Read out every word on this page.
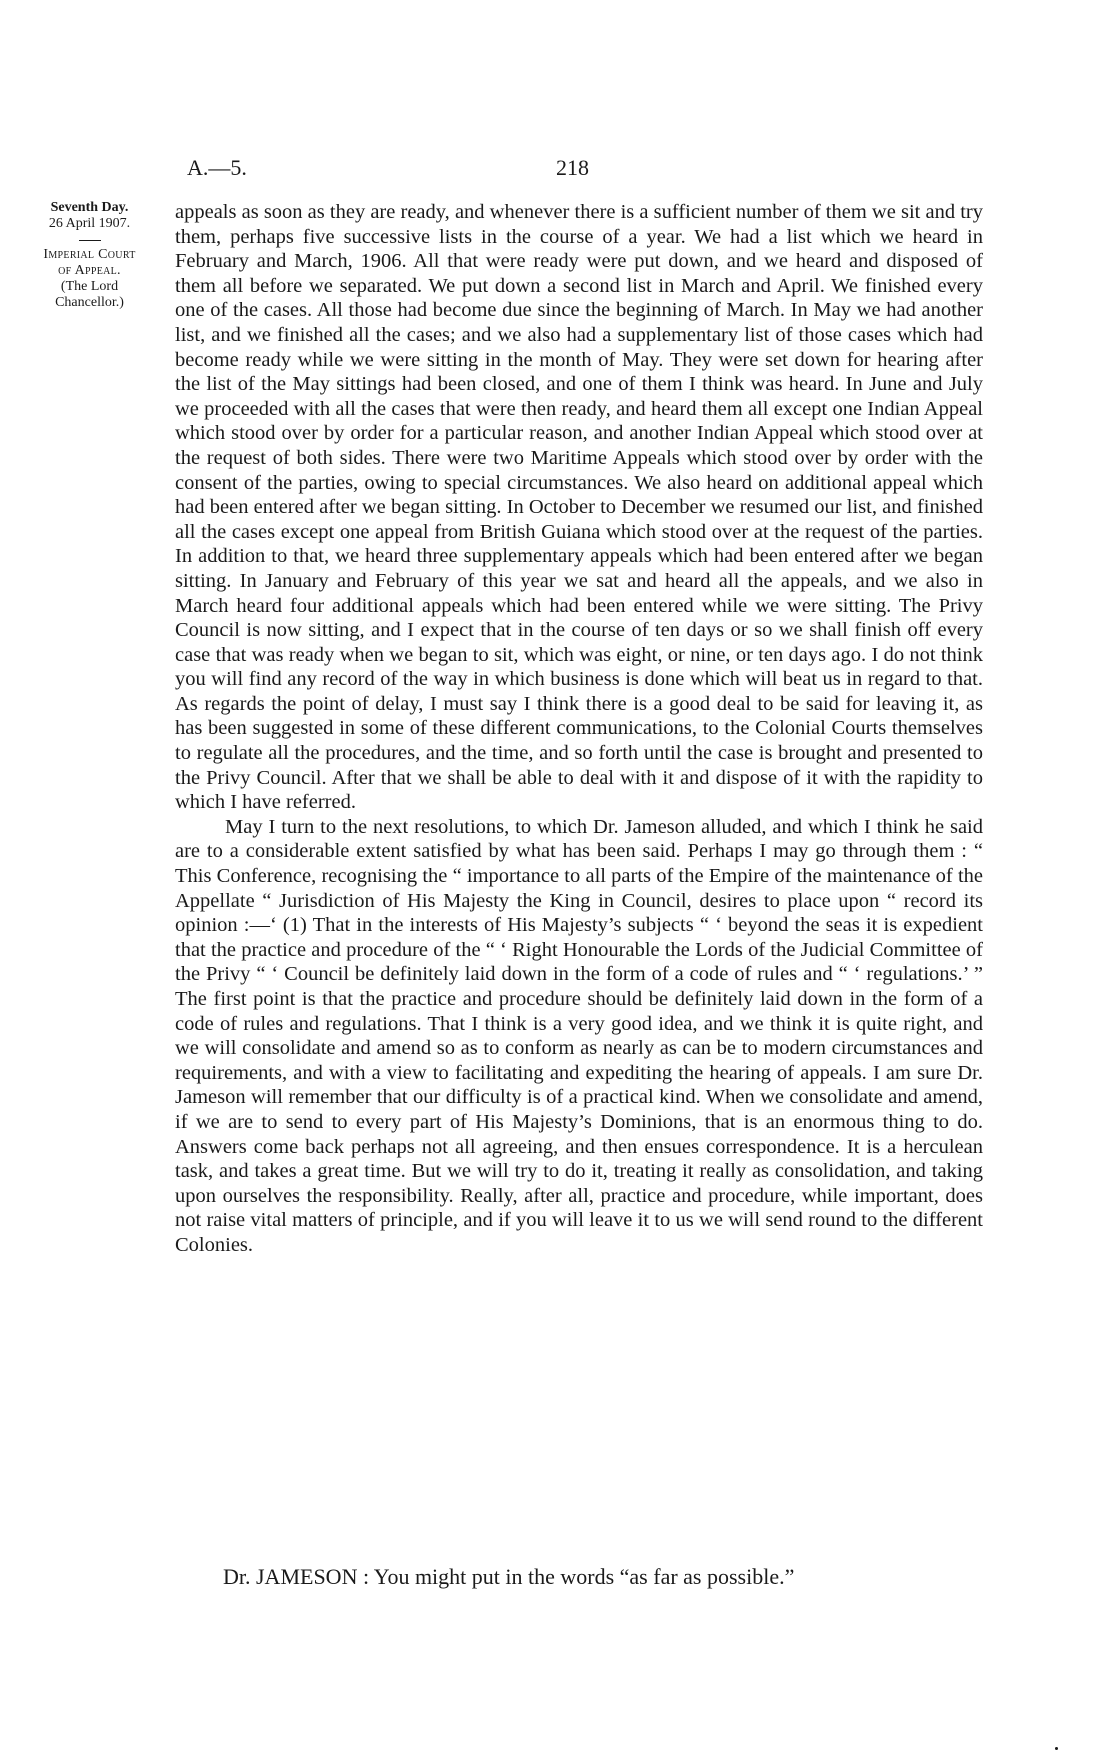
A.—5.	218
Seventh Day.
26 April 1907.
Imperial Court
of Appeal.
(The Lord
Chancellor.)

appeals as soon as they are ready, and whenever there is a sufficient number of them we sit and try them, perhaps five successive lists in the course of a year. We had a list which we heard in February and March, 1906. All that were ready were put down, and we heard and disposed of them all before we separated. We put down a second list in March and April. We finished every one of the cases. All those had become due since the beginning of March. In May we had another list, and we finished all the cases; and we also had a supplementary list of those cases which had become ready while we were sitting in the month of May. They were set down for hearing after the list of the May sittings had been closed, and one of them I think was heard. In June and July we proceeded with all the cases that were then ready, and heard them all except one Indian Appeal which stood over by order for a particular reason, and another Indian Appeal which stood over at the request of both sides. There were two Maritime Appeals which stood over by order with the consent of the parties, owing to special circumstances. We also heard on additional appeal which had been entered after we began sitting. In October to December we resumed our list, and finished all the cases except one appeal from British Guiana which stood over at the request of the parties. In addition to that, we heard three supplementary appeals which had been entered after we began sitting. In January and February of this year we sat and heard all the appeals, and we also in March heard four additional appeals which had been entered while we were sitting. The Privy Council is now sitting, and I expect that in the course of ten days or so we shall finish off every case that was ready when we began to sit, which was eight, or nine, or ten days ago. I do not think you will find any record of the way in which business is done which will beat us in regard to that. As regards the point of delay, I must say I think there is a good deal to be said for leaving it, as has been suggested in some of these different communications, to the Colonial Courts themselves to regulate all the procedures, and the time, and so forth until the case is brought and presented to the Privy Council. After that we shall be able to deal with it and dispose of it with the rapidity to which I have referred.

May I turn to the next resolutions, to which Dr. Jameson alluded, and which I think he said are to a considerable extent satisfied by what has been said. Perhaps I may go through them : “ This Conference, recognising the “ importance to all parts of the Empire of the maintenance of the Appellate “ Jurisdiction of His Majesty the King in Council, desires to place upon “ record its opinion :—‘ (1) That in the interests of His Majesty’s subjects “ ‘ beyond the seas it is expedient that the practice and procedure of the “ ‘ Right Honourable the Lords of the Judicial Committee of the Privy “ ‘ Council be definitely laid down in the form of a code of rules and “ ‘ regulations.’ ” The first point is that the practice and procedure should be definitely laid down in the form of a code of rules and regulations. That I think is a very good idea, and we think it is quite right, and we will consolidate and amend so as to conform as nearly as can be to modern circumstances and requirements, and with a view to facilitating and expediting the hearing of appeals. I am sure Dr. Jameson will remember that our difficulty is of a practical kind. When we consolidate and amend, if we are to send to every part of His Majesty’s Dominions, that is an enormous thing to do. Answers come back perhaps not all agreeing, and then ensues correspondence. It is a herculean task, and takes a great time. But we will try to do it, treating it really as consolidation, and taking upon ourselves the responsibility. Really, after all, practice and procedure, while important, does not raise vital matters of principle, and if you will leave it to us we will send round to the different Colonies.

Dr. JAMESON : You might put in the words “as far as possible.”
